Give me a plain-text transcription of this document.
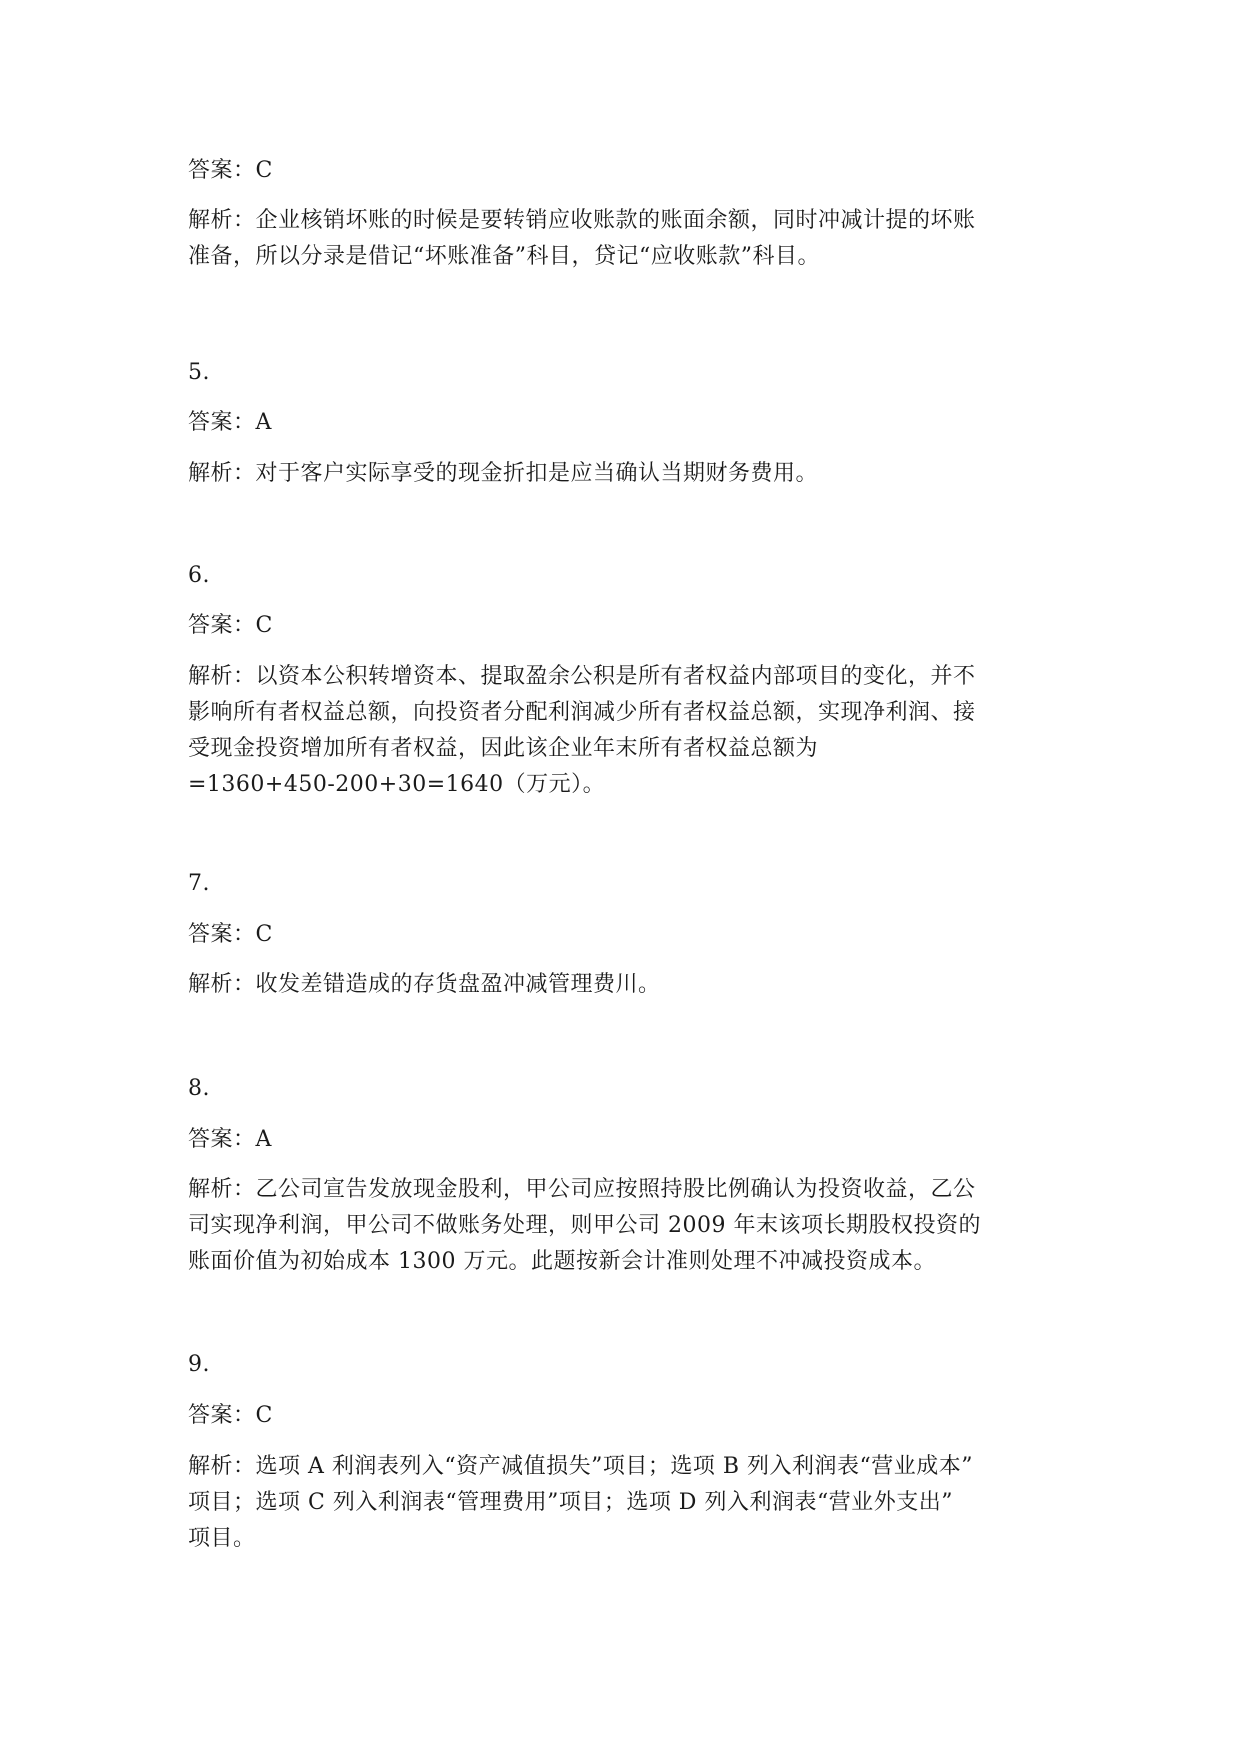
答案：C
解析：企业核销坏账的时候是要转销应收账款的账面余额，同时冲减计提的坏账
准备，所以分录是借记“坏账准备”科目，贷记“应收账款”科目。
5.
答案：A
解析：对于客户实际享受的现金折扣是应当确认当期财务费用。
6.
答案：C
解析：以资本公积转增资本、提取盈余公积是所有者权益内部项目的变化，并不
影响所有者权益总额，向投资者分配利润减少所有者权益总额，实现净利润、接
受现金投资增加所有者权益，因此该企业年末所有者权益总额为
=1360+450-200+30=1640（万元）。
7.
答案：C
解析：收发差错造成的存货盘盈冲减管理费川。
8.
答案：A
解析：乙公司宣告发放现金股利，甲公司应按照持股比例确认为投资收益，乙公
司实现净利润，甲公司不做账务处理，则甲公司 2009 年末该项长期股权投资的
账面价值为初始成本 1300 万元。此题按新会计准则处理不冲减投资成本。
9.
答案：C
解析：选项 A 利润表列入“资产减值损失”项目；选项 B 列入利润表“营业成本”
项目；选项 C 列入利润表“管理费用”项目；选项 D 列入利润表“营业外支出”
项目。
